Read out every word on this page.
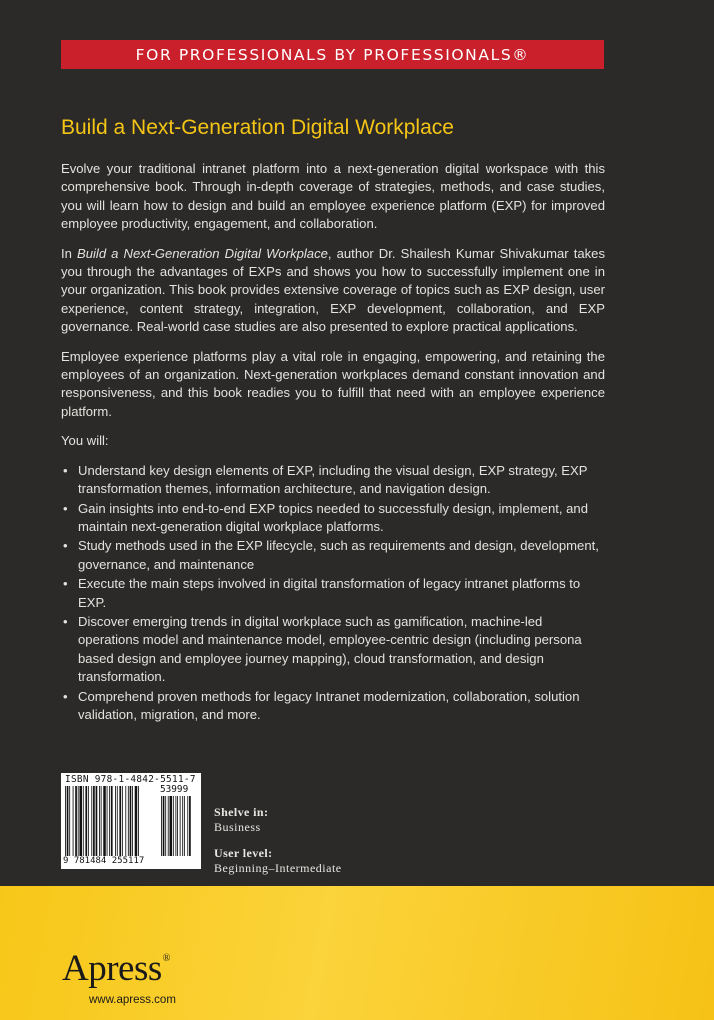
FOR PROFESSIONALS BY PROFESSIONALS®
Build a Next-Generation Digital Workplace

Evolve your traditional intranet platform into a next-generation digital workspace with this comprehensive book. Through in-depth coverage of strategies, methods, and case studies, you will learn how to design and build an employee experience platform (EXP) for improved employee productivity, engagement, and collaboration.

In Build a Next-Generation Digital Workplace, author Dr. Shailesh Kumar Shivakumar takes you through the advantages of EXPs and shows you how to successfully implement one in your organization. This book provides extensive coverage of topics such as EXP design, user experience, content strategy, integration, EXP development, collaboration, and EXP governance. Real-world case studies are also presented to explore practical applications.

Employee experience platforms play a vital role in engaging, empowering, and retaining the employees of an organization. Next-generation workplaces demand constant innovation and responsiveness, and this book readies you to fulfill that need with an employee experience platform.

You will:

• Understand key design elements of EXP, including the visual design, EXP strategy, EXP transformation themes, information architecture, and navigation design.
• Gain insights into end-to-end EXP topics needed to successfully design, implement, and maintain next-generation digital workplace platforms.
• Study methods used in the EXP lifecycle, such as requirements and design, development, governance, and maintenance
• Execute the main steps involved in digital transformation of legacy intranet platforms to EXP.
• Discover emerging trends in digital workplace such as gamification, machine-led operations model and maintenance model, employee-centric design (including persona based design and employee journey mapping), cloud transformation, and design transformation.
• Comprehend proven methods for legacy Intranet modernization, collaboration, solution validation, migration, and more.
ISBN 978-1-4842-5511-7
53999
9 781484 255117
Shelve in:
Business
User level:
Beginning–Intermediate
Apress®
www.apress.com
